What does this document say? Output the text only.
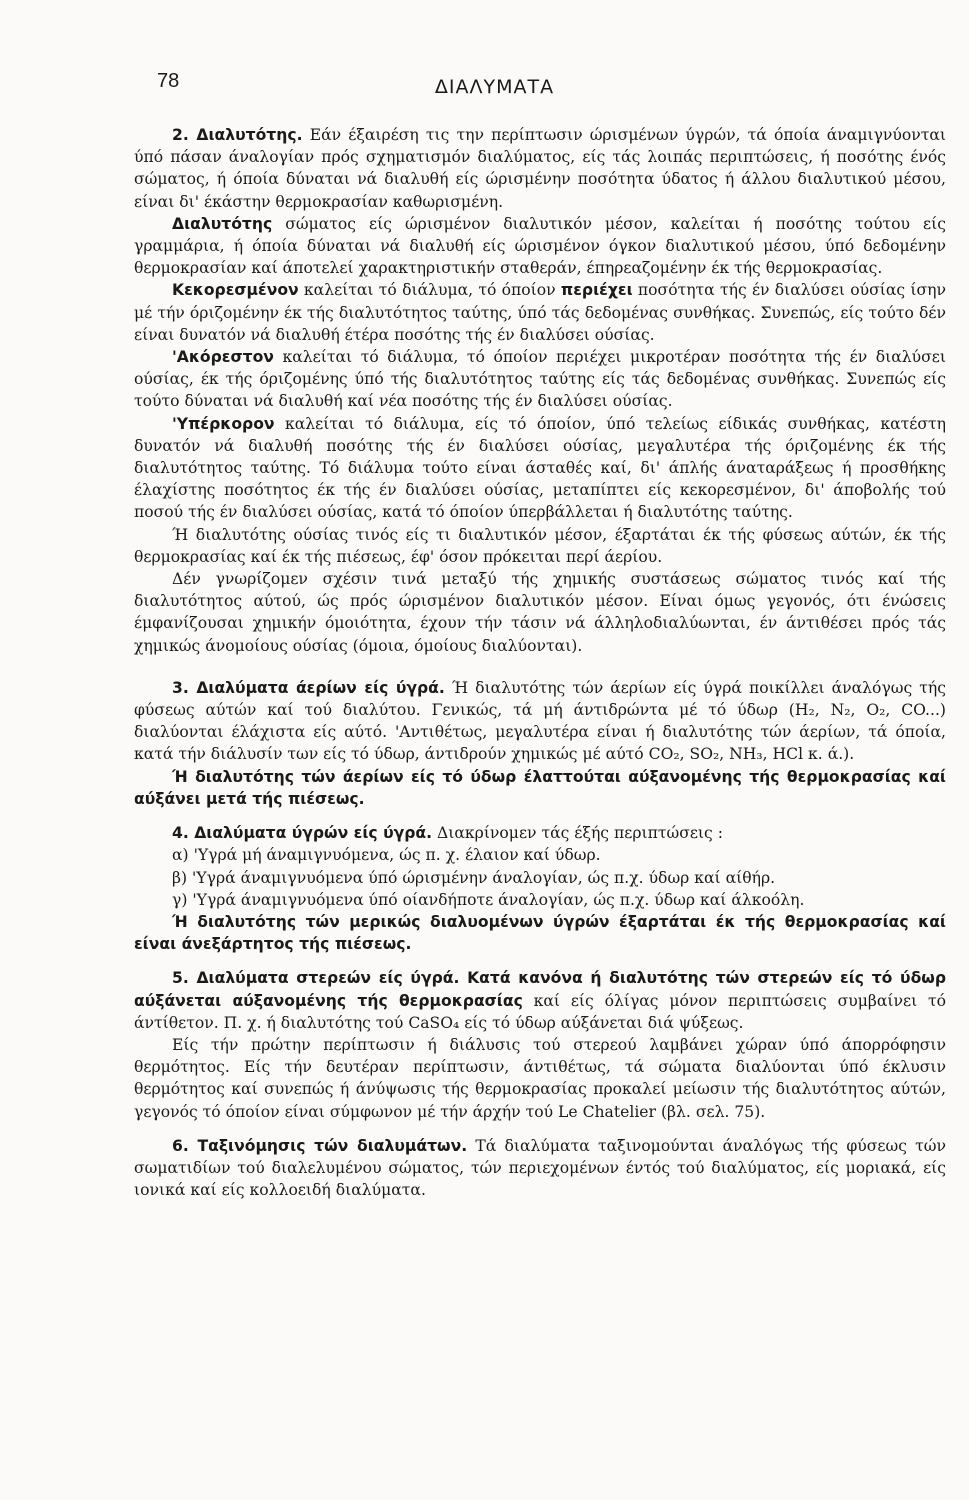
78	ΔΙΑΛΥΜΑΤΑ

2. Διαλυτότης. Εάν έξαιρέση τις την περίπτωσιν ώρισμένων ύγρών, τά όποία άναμιγνύονται ύπό πάσαν άναλογίαν πρός σχηματισμόν διαλύματος, είς τάς λοιπάς περιπτώσεις, ή ποσότης ένός σώματος, ή όποία δύναται νά διαλυθή είς ώρισμένην ποσότητα ύδατος ή άλλου διαλυτικού μέσου, είναι δι' έκάστην θερμοκρασίαν καθωρισμένη.

Διαλυτότης σώματος είς ώρισμένον διαλυτικόν μέσον, καλείται ή ποσότης τούτου είς γραμμάρια, ή όποία δύναται νά διαλυθή είς ώρισμένον όγκον διαλυτικού μέσου, ύπό δεδομένην θερμοκρασίαν καί άποτελεί χαρακτηριστικήν σταθεράν, έπηρεαζομένην έκ τής θερμοκρασίας.

Κεκορεσμένον καλείται τό διάλυμα, τό όποίον περιέχει ποσότητα τής έν διαλύσει ούσίας ίσην μέ τήν όριζομένην έκ τής διαλυτότητος ταύτης, ύπό τάς δεδομένας συνθήκας. Συνεπώς, είς τούτο δέν είναι δυνατόν νά διαλυθή έτέρα ποσότης τής έν διαλύσει ούσίας.

'Ακόρεστον καλείται τό διάλυμα, τό όποίον περιέχει μικροτέραν ποσότητα τής έν διαλύσει ούσίας, έκ τής όριζομένης ύπό τής διαλυτότητος ταύτης είς τάς δεδομένας συνθήκας. Συνεπώς είς τούτο δύναται νά διαλυθή καί νέα ποσότης τής έν διαλύσει ούσίας.

'Υπέρκορον καλείται τό διάλυμα, είς τό όποίον, ύπό τελείως είδικάς συνθήκας, κατέστη δυνατόν νά διαλυθή ποσότης τής έν διαλύσει ούσίας, μεγαλυτέρα τής όριζομένης έκ τής διαλυτότητος ταύτης. Τό διάλυμα τούτο είναι άσταθές καί, δι' άπλής άναταράξεως ή προσθήκης έλαχίστης ποσότητος έκ τής έν διαλύσει ούσίας, μεταπίπτει είς κεκορεσμένον, δι' άποβολής τού ποσού τής έν διαλύσει ούσίας, κατά τό όποίον ύπερβάλλεται ή διαλυτότης ταύτης.

Ή διαλυτότης ούσίας τινός είς τι διαλυτικόν μέσον, έξαρτάται έκ τής φύσεως αύτών, έκ τής θερμοκρασίας καί έκ τής πιέσεως, έφ' όσον πρόκειται περί άερίου.

Δέν γνωρίζομεν σχέσιν τινά μεταξύ τής χημικής συστάσεως σώματος τινός καί τής διαλυτότητος αύτού, ώς πρός ώρισμένον διαλυτικόν μέσον. Είναι όμως γεγονός, ότι ένώσεις έμφανίζουσαι χημικήν όμοιότητα, έχουν τήν τάσιν νά άλληλοδιαλύωνται, έν άντιθέσει πρός τάς χημικώς άνομοίους ούσίας (όμοια, όμοίους διαλύονται).

3. Διαλύματα άερίων είς ύγρά. Ή διαλυτότης τών άερίων είς ύγρά ποικίλλει άναλόγως τής φύσεως αύτών καί τού διαλύτου. Γενικώς, τά μή άντιδρώντα μέ τό ύδωρ (H₂, N₂, O₂, CO...) διαλύονται έλάχιστα είς αύτό. 'Αντιθέτως, μεγαλυτέρα είναι ή διαλυτότης τών άερίων, τά όποία, κατά τήν διάλυσίν των είς τό ύδωρ, άντιδρούν χημικώς μέ αύτό CO₂, SO₂, NH₃, HCl κ. ά.).

Ή διαλυτότης τών άερίων είς τό ύδωρ έλαττούται αύξανομένης τής θερμοκρασίας καί αύξάνει μετά τής πιέσεως.

4. Διαλύματα ύγρών είς ύγρά. Διακρίνομεν τάς έξής περιπτώσεις :

α) 'Υγρά μή άναμιγνυόμενα, ώς π. χ. έλαιον καί ύδωρ.

β) 'Υγρά άναμιγνυόμενα ύπό ώρισμένην άναλογίαν, ώς π.χ. ύδωρ καί αίθήρ.

γ) 'Υγρά άναμιγνυόμενα ύπό οίανδήποτε άναλογίαν, ώς π.χ. ύδωρ καί άλκοόλη.

Ή διαλυτότης τών μερικώς διαλυομένων ύγρών έξαρτάται έκ τής θερμοκρασίας καί είναι άνεξάρτητος τής πιέσεως.

5. Διαλύματα στερεών είς ύγρά. Κατά κανόνα ή διαλυτότης τών στερεών είς τό ύδωρ αύξάνεται αύξανομένης τής θερμοκρασίας καί είς όλίγας μόνον περιπτώσεις συμβαίνει τό άντίθετον. Π. χ. ή διαλυτότης τού CaSO₄ είς τό ύδωρ αύξάνεται διά ψύξεως.

Είς τήν πρώτην περίπτωσιν ή διάλυσις τού στερεού λαμβάνει χώραν ύπό άπορρόφησιν θερμότητος. Είς τήν δευτέραν περίπτωσιν, άντιθέτως, τά σώματα διαλύονται ύπό έκλυσιν θερμότητος καί συνεπώς ή άνύψωσις τής θερμοκρασίας προκαλεί μείωσιν τής διαλυτότητος αύτών, γεγονός τό όποίον είναι σύμφωνον μέ τήν άρχήν τού Le Chatelier (βλ. σελ. 75).

6. Ταξινόμησις τών διαλυμάτων. Τά διαλύματα ταξινομούνται άναλόγως τής φύσεως τών σωματιδίων τού διαλελυμένου σώματος, τών περιεχομένων έντός τού διαλύματος, είς μοριακά, είς ιονικά καί είς κολλοειδή διαλύματα.
